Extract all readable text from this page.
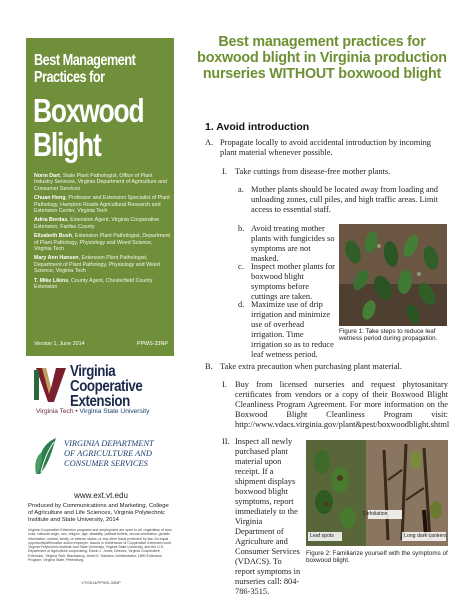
Best Management
Practices for
Boxwood
Blight
Norm Dart, State Plant Pathologist, Office of Plant Industry Services, Virginia Department of Agriculture and Consumer Services
Chuan Hong, Professor and Extension Specialist of Plant Pathology, Hampton Roads Agricultural Research and Extension Center, Virginia Tech
Adria Bordas, Extension Agent, Virginia Cooperative Extension, Fairfax County
Elizabeth Bush, Extension Plant Pathologist, Department of Plant Pathology, Physiology and Weed Science, Virginia Tech
Mary Ann Hansen, Extension Plant Pathologist, Department of Plant Pathology, Physiology and Weed Science, Virginia Tech
T. Mike Likins, County Agent, Chesterfield County Extension
Version 1, June 2014	PPWS-33NP
Virginia
Cooperative
Extension
Virginia Tech • Virginia State University
VIRGINIA DEPARTMENT
OF AGRICULTURE AND
CONSUMER SERVICES
www.ext.vt.edu
Produced by Communications and Marketing, College of Agriculture and Life Sciences, Virginia Polytechnic Institute and State University, 2014
Virginia Cooperative Extension programs and employment are open to all, regardless of race, color, national origin, sex, religion, age, disability, political beliefs, sexual orientation, genetic information, marital, family, or veteran status, or any other basis protected by law. An equal opportunity/affirmative action employer. Issued in furtherance of Cooperative Extension work, Virginia Polytechnic Institute and State University, Virginia State University, and the U.S. Department of Agriculture cooperating. Edwin J. Jones, Director, Virginia Cooperative Extension, Virginia Tech, Blacksburg; Jewel E. Hairston, Administrator, 1890 Extension Program, Virginia State, Petersburg.
VT/0614/PPWS-33NP
Best management practices for boxwood blight in Virginia production nurseries WITHOUT boxwood blight
1. Avoid introduction
A. Propagate locally to avoid accidental introduction by incoming plant material whenever possible.
I. Take cuttings from disease-free mother plants.
a. Mother plants should be located away from loading and unloading zones, cull piles, and high traffic areas. Limit access to essential staff.
b. Avoid treating mother plants with fungicides so symptoms are not masked.
c. Inspect mother plants for boxwood blight symptoms before cuttings are taken.
d. Maximize use of drip irrigation and minimize use of overhead irrigation. Time irrigation so as to reduce leaf wetness period.
Figure 1: Take steps to reduce leaf wetness period during propagation.
B. Take extra precaution when purchasing plant material.
I. Buy from licensed nurseries and request phytosanitary certificates from vendors or a copy of their Boxwood Blight Cleanliness Program Agreement. For more information on the Boxwood Blight Cleanliness Program visit: http://www.vdacs.virginia.gov/plant&pest/boxwoodblight.shtml
II. Inspect all newly purchased plant material upon receipt. If a shipment displays boxwood blight symptoms, report immediately to the Virginia Department of Agriculture and Consumer Services (VDACS). To report symptoms in nurseries call: 804-786-3515.
Defoliation
Leaf spots	Long dark cankers
Figure 2: Familiarize yourself with the symptoms of boxwood blight.
